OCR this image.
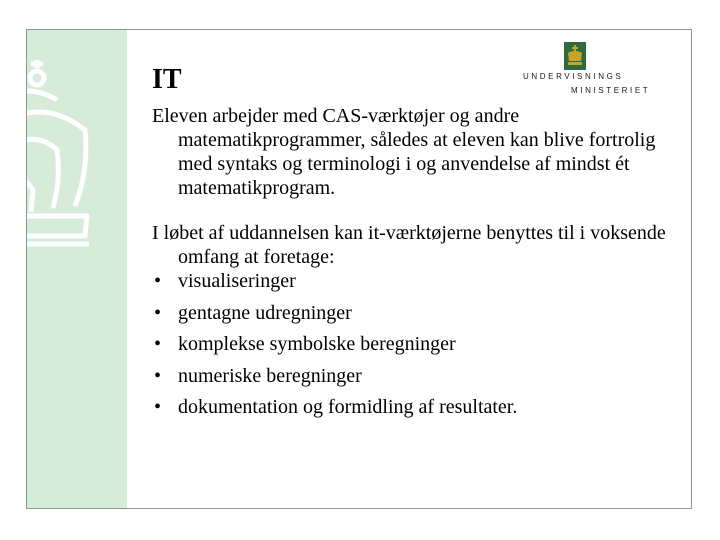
UNDERVISNINGS
MINISTERIET
IT

Eleven arbejder med CAS-værktøjer og andre matematikprogrammer, således at eleven kan blive fortrolig med syntaks og terminologi i og anvendelse af mindst ét matematikprogram.

I løbet af uddannelsen kan it-værktøjerne benyttes til i voksende omfang at foretage:

• visualiseringer
• gentagne udregninger
• komplekse symbolske beregninger
• numeriske beregninger
• dokumentation og formidling af resultater.
